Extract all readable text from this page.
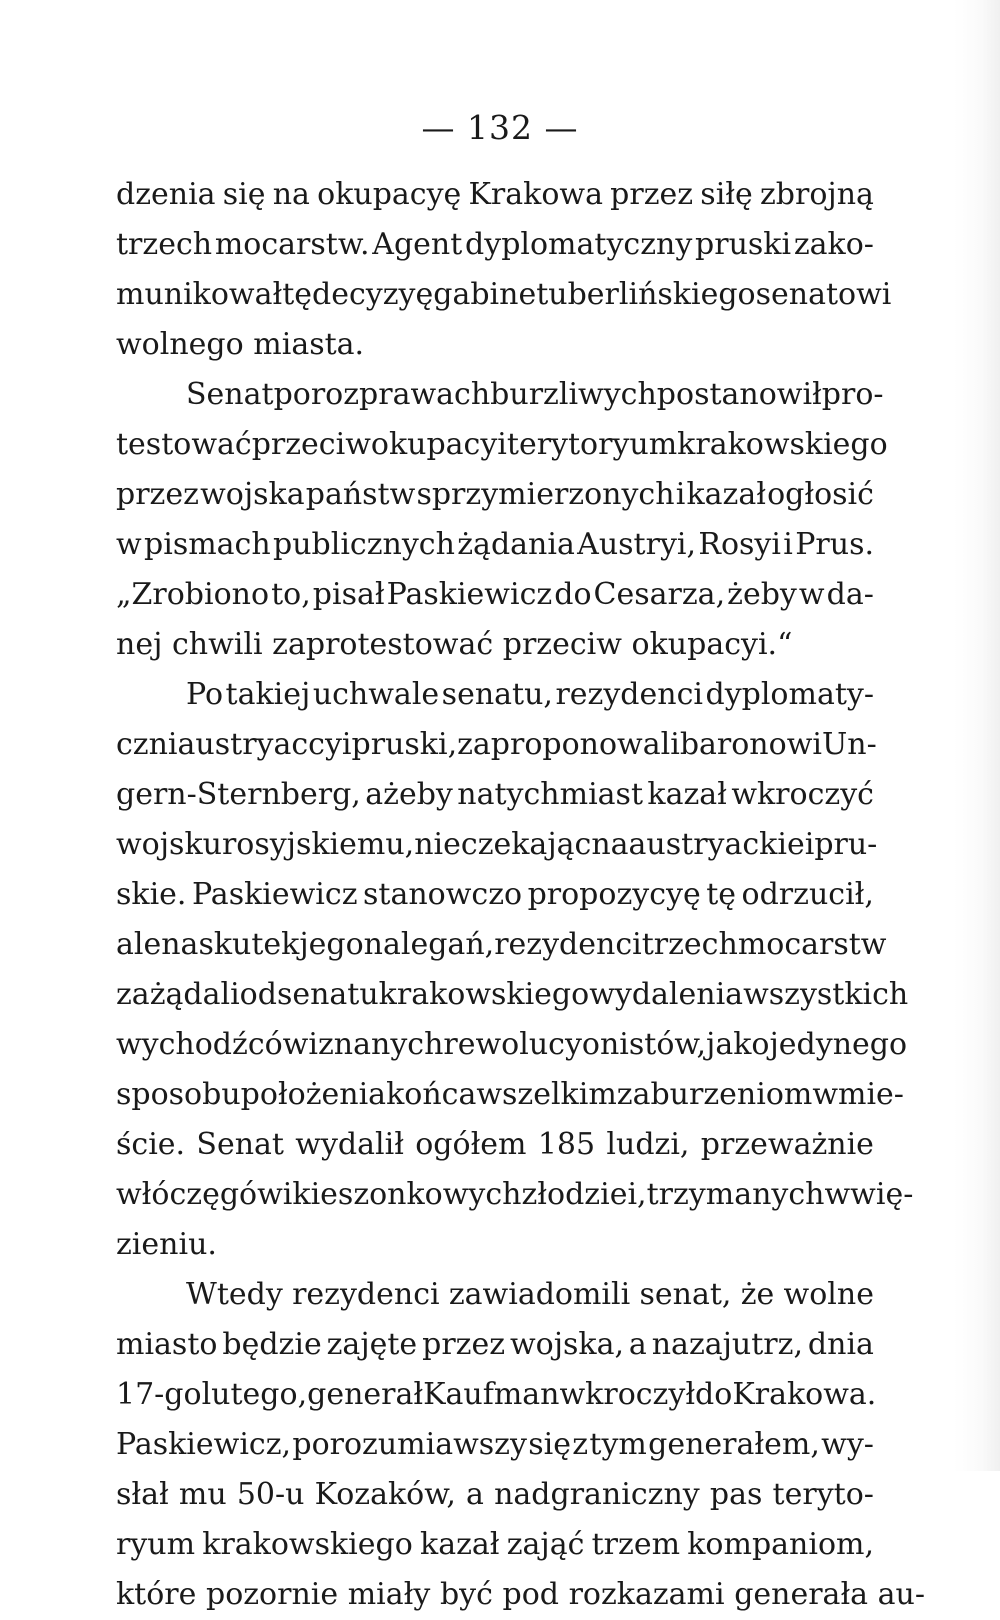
— 132 —
dzenia się na okupacyę Krakowa przez siłę zbrojną
trzech mocarstw. Agent dyplomatyczny pruski zako-
munikował tę decyzyę gabinetu berlińskiego senatowi
wolnego miasta.
Senat po rozprawach burzliwych postanowił pro-
testować przeciw okupacyi terytoryum krakowskiego
przez wojska państw sprzymierzonych i kazał ogłosić
w pismach publicznych żądania Austryi, Rosyi i Prus.
„Zrobiono to, pisał Paskiewicz do Cesarza, żeby w da-
nej chwili zaprotestować przeciw okupacyi.“
Po takiej uchwale senatu, rezydenci dyplomaty-
czni austryaccy i pruski, zaproponowali baronowi Un-
gern-Sternberg, ażeby natychmiast kazał wkroczyć
wojsku rosyjskiemu, nie czekając na austryackie i pru-
skie. Paskiewicz stanowczo propozycyę tę odrzucił,
ale na skutek jego nalegań, rezydenci trzech mocarstw
zażądali od senatu krakowskiego wydalenia wszystkich
wychodźców i znanych rewolucyonistów, jako jedynego
sposobu położenia końca wszelkim zaburzeniom w mie-
ście. Senat wydalił ogółem 185 ludzi, przeważnie
włóczęgów i kieszonkowych złodziei, trzymanych w wię-
zieniu.
Wtedy rezydenci zawiadomili senat, że wolne
miasto będzie zajęte przez wojska, a nazajutrz, dnia
17-go lutego, generał Kaufman wkroczył do Krakowa.
Paskiewicz, porozumiawszy się z tym generałem, wy-
słał mu 50-u Kozaków, a nadgraniczny pas teryto-
ryum krakowskiego kazał zająć trzem kompaniom,
które pozornie miały być pod rozkazami generała au-
